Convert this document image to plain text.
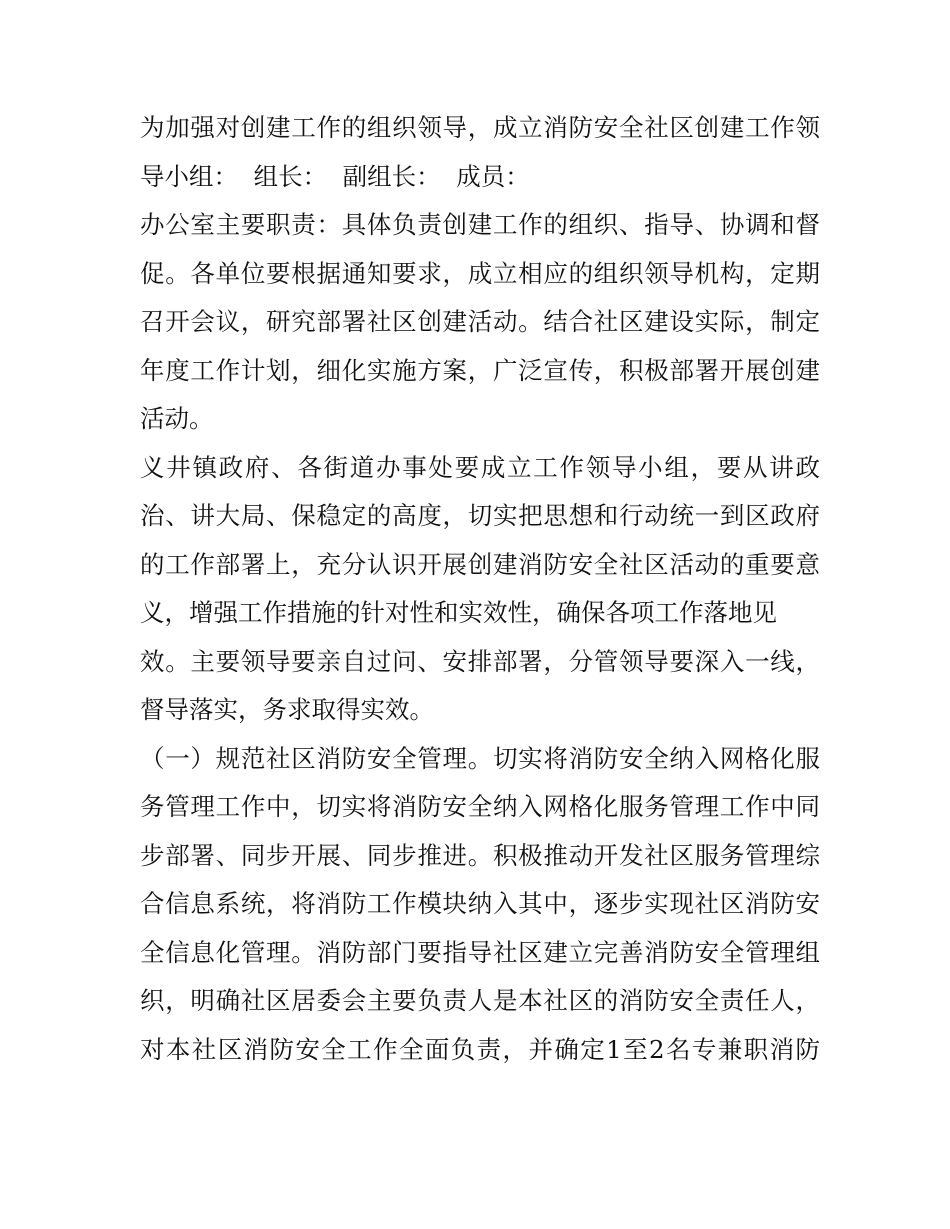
为加强对创建工作的组织领导，成立消防安全社区创建工作领
导小组：  组长：  副组长：  成员：
办公室主要职责：具体负责创建工作的组织、指导、协调和督
促。各单位要根据通知要求，成立相应的组织领导机构，定期
召开会议，研究部署社区创建活动。结合社区建设实际，制定
年度工作计划，细化实施方案，广泛宣传，积极部署开展创建
活动。
义井镇政府、各街道办事处要成立工作领导小组，要从讲政
治、讲大局、保稳定的高度，切实把思想和行动统一到区政府
的工作部署上，充分认识开展创建消防安全社区活动的重要意
义，增强工作措施的针对性和实效性，确保各项工作落地见
效。主要领导要亲自过问、安排部署，分管领导要深入一线，
督导落实，务求取得实效。
（一）规范社区消防安全管理。切实将消防安全纳入网格化服
务管理工作中，切实将消防安全纳入网格化服务管理工作中同
步部署、同步开展、同步推进。积极推动开发社区服务管理综
合信息系统，将消防工作模块纳入其中，逐步实现社区消防安
全信息化管理。消防部门要指导社区建立完善消防安全管理组
织，明确社区居委会主要负责人是本社区的消防安全责任人，
对本社区消防安全工作全面负责，并确定1至2名专兼职消防
